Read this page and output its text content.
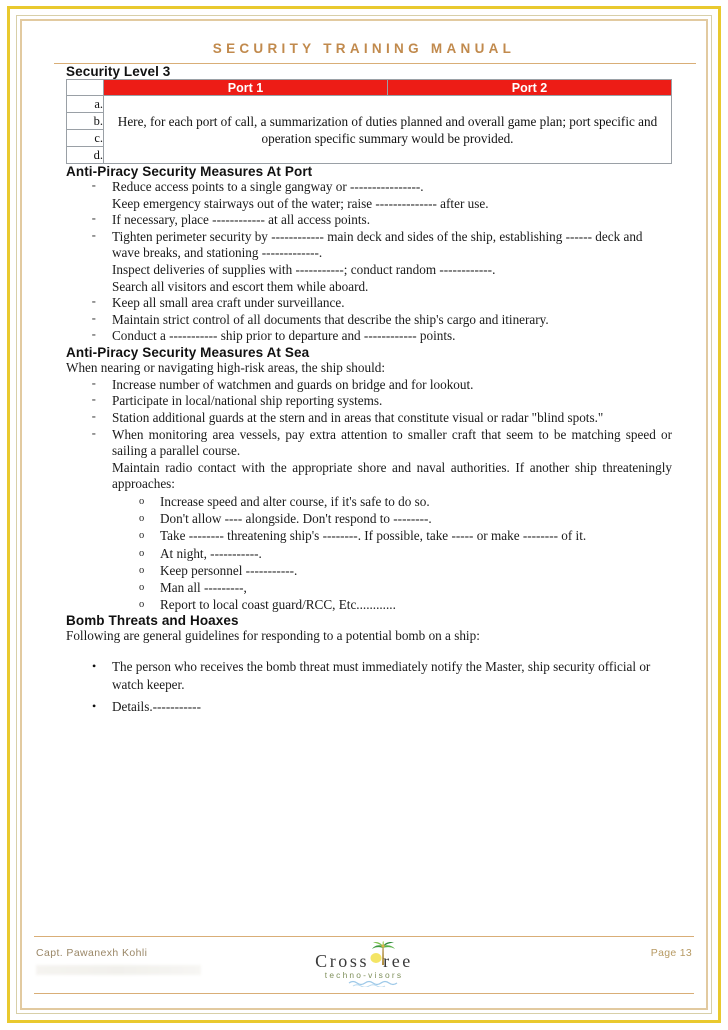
SECURITY TRAINING MANUAL
Security Level 3
	Port 1	Port 2
a.	Here, for each port of call, a summarization of duties planned and overall game plan; port specific and operation specific summary would be provided.	
b.		
c.		
d.		
Anti-Piracy Security Measures At Port
⁃ Reduce access points to a single gangway or ----------------.
Keep emergency stairways out of the water; raise -------------- after use.
⁃ If necessary, place ------------ at all access points.
⁃ Tighten perimeter security by ------------ main deck and sides of the ship, establishing ------ deck and wave breaks, and stationing -------------.
Inspect deliveries of supplies with -----------; conduct random ------------.
Search all visitors and escort them while aboard.
⁃ Keep all small area craft under surveillance.
⁃ Maintain strict control of all documents that describe the ship's cargo and itinerary.
⁃ Conduct a ----------- ship prior to departure and ------------ points.
Anti-Piracy Security Measures At Sea

When nearing or navigating high-risk areas, the ship should:

⁃ Increase number of watchmen and guards on bridge and for lookout.
⁃ Participate in local/national ship reporting systems.
⁃ Station additional guards at the stern and in areas that constitute visual or radar "blind spots."
⁃ When monitoring area vessels, pay extra attention to smaller craft that seem to be matching speed or sailing a parallel course.
Maintain radio contact with the appropriate shore and naval authorities. If another ship threateningly approaches:
o Increase speed and alter course, if it's safe to do so.
o Don't allow ---- alongside. Don't respond to --------.
o Take -------- threatening ship's --------. If possible, take ----- or make -------- of it.
o At night, -----------.
o Keep personnel -----------.
o Man all ---------,
o Report to local coast guard/RCC, Etc............
Bomb Threats and Hoaxes

Following are general guidelines for responding to a potential bomb on a ship:

• The person who receives the bomb threat must immediately notify the Master, ship security official or watch keeper.
• Details.-----------
Capt. Pawanexh Kohli	Page 13
Cross ree
techno-visors
